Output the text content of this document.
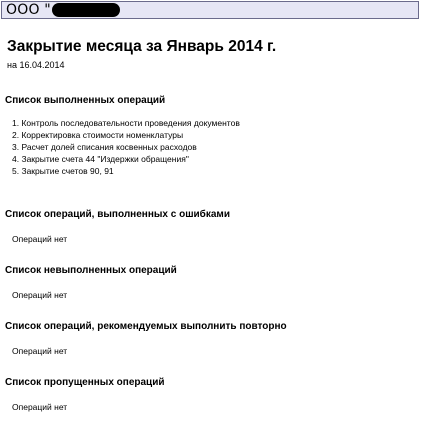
ООО "
Закрытие месяца за Январь 2014 г.
на 16.04.2014
Список выполненных операций
1. Контроль последовательности проведения документов
2. Корректировка стоимости номенклатуры
3. Расчет долей списания косвенных расходов
4. Закрытие счета 44 "Издержки обращения"
5. Закрытие счетов 90, 91
Список операций, выполненных с ошибками
Операций нет
Список невыполненных операций
Операций нет
Список операций, рекомендуемых выполнить повторно
Операций нет
Список пропущенных операций
Операций нет
